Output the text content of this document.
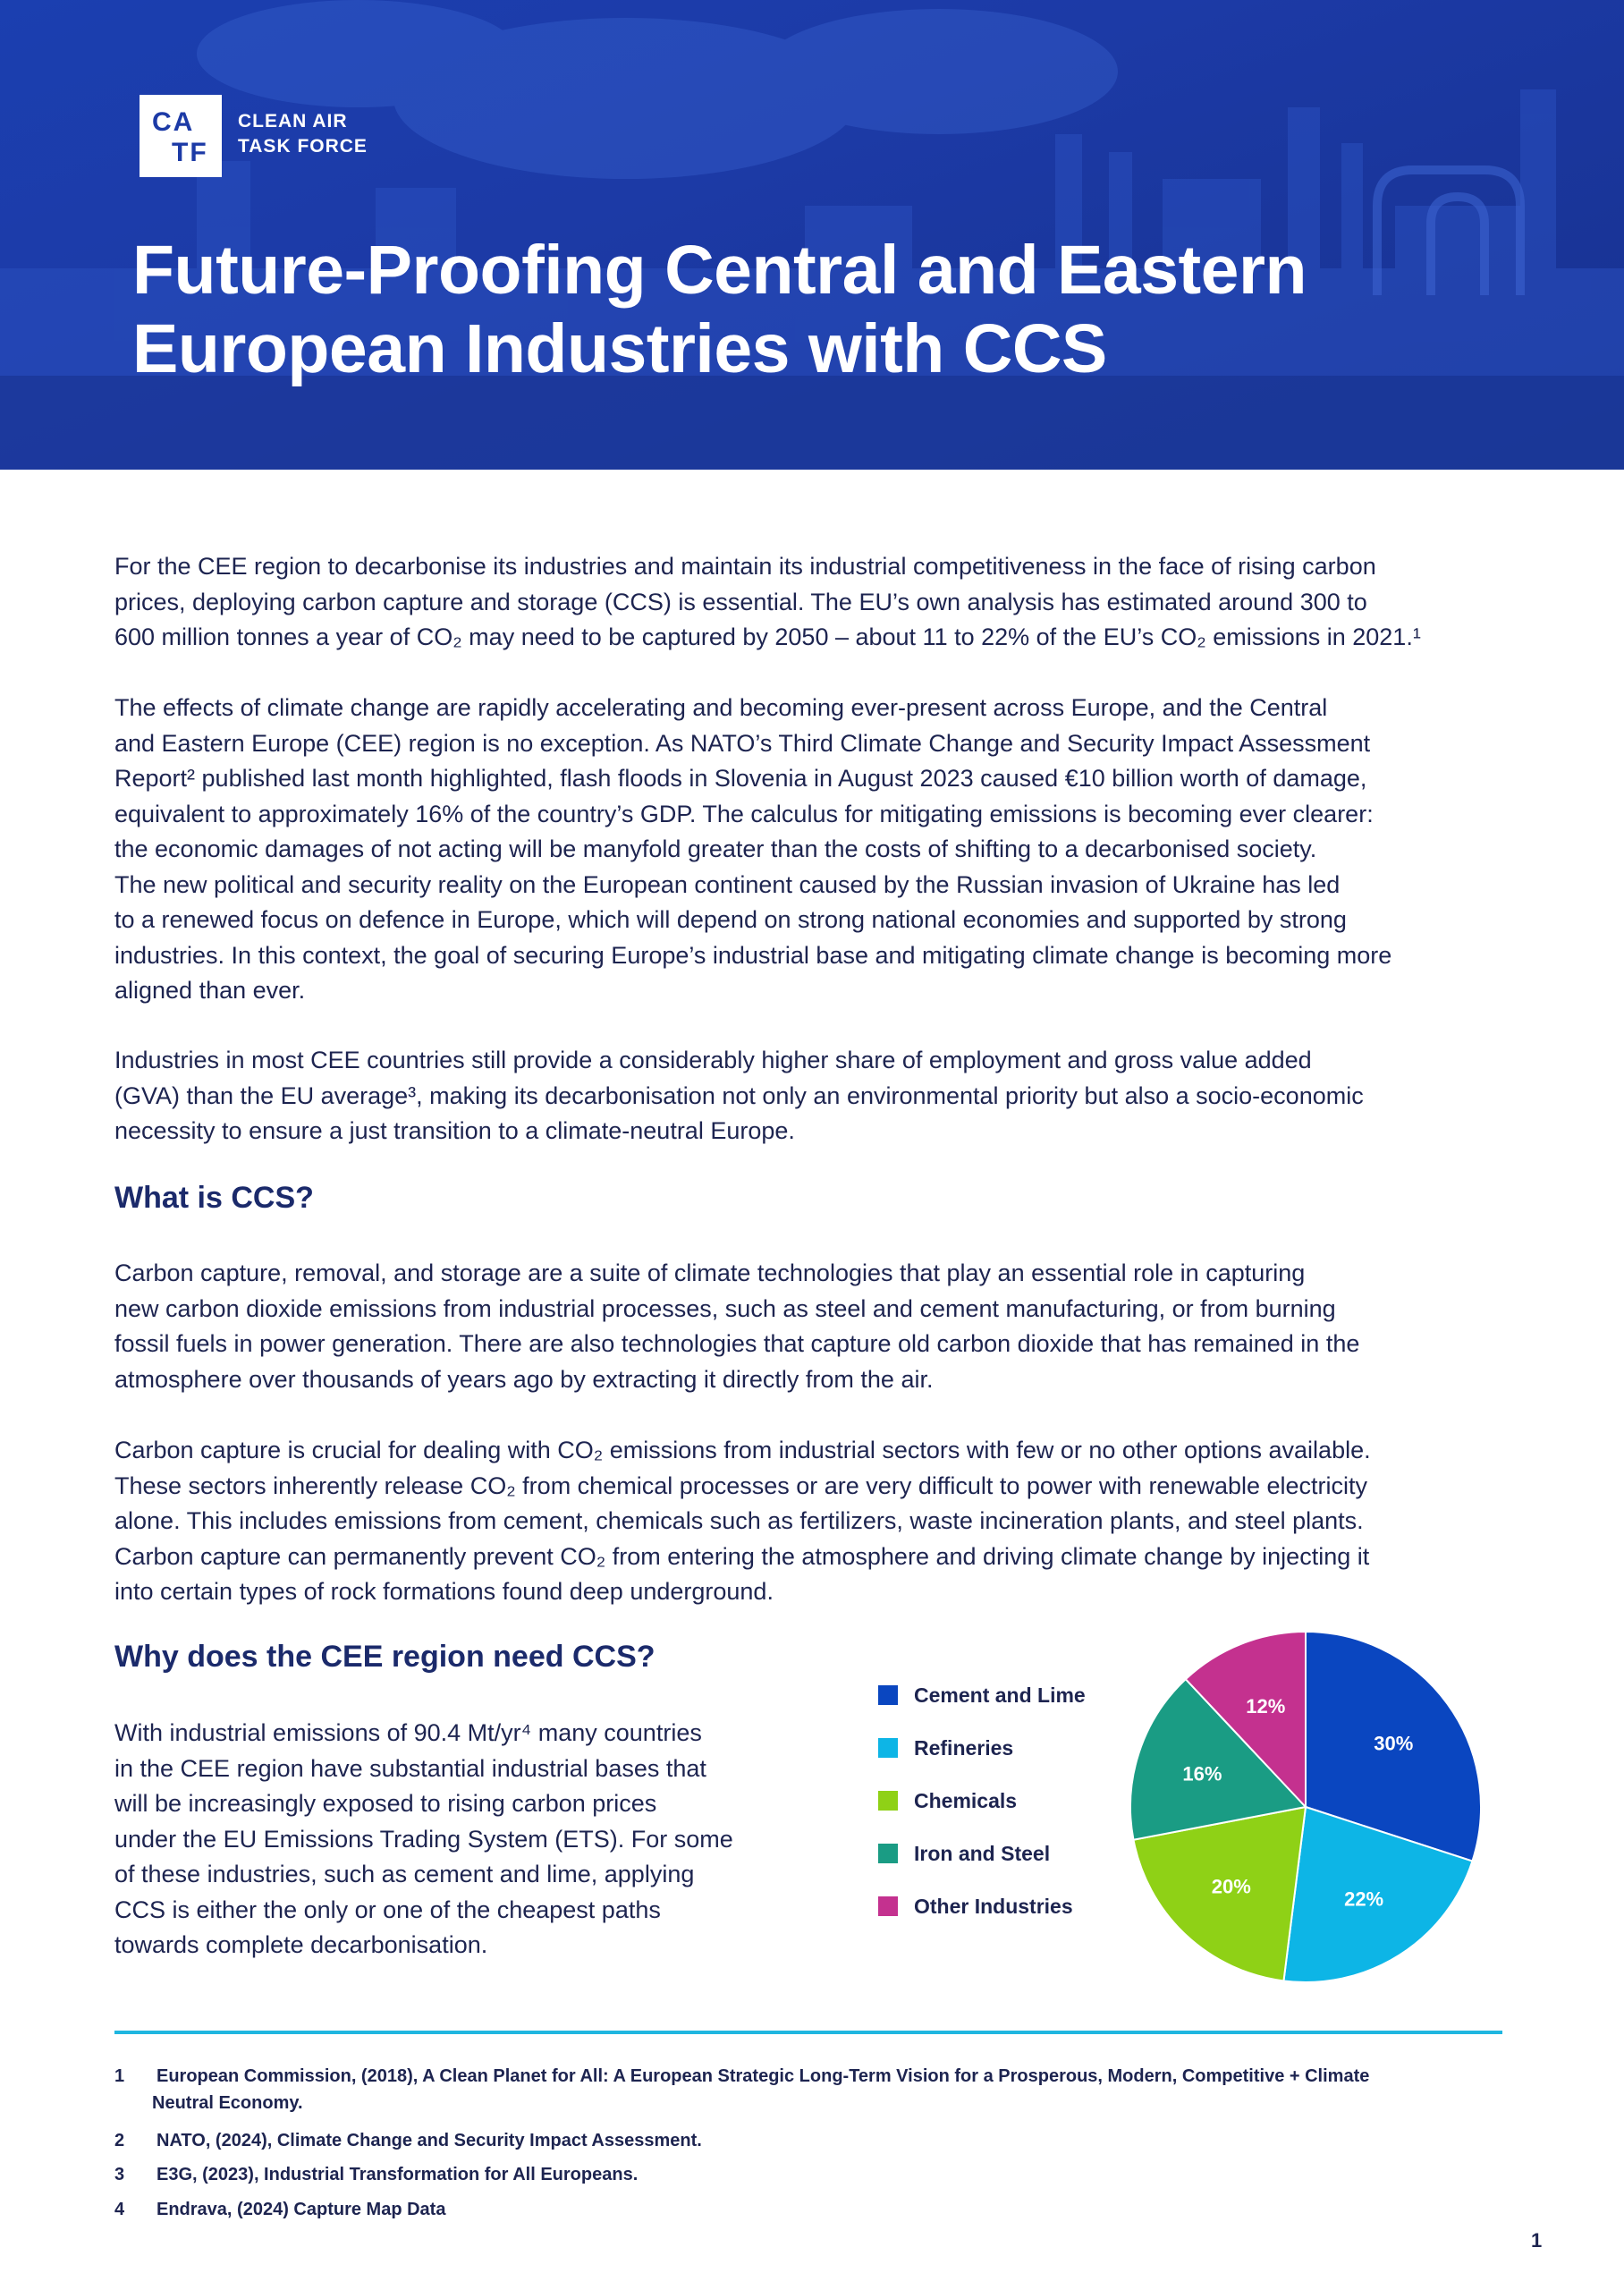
CA
TF
CLEAN AIR
TASK FORCE
Future-Proofing Central and Eastern
European Industries with CCS

For the CEE region to decarbonise its industries and maintain its industrial competitiveness in the face of rising carbon
prices, deploying carbon capture and storage (CCS) is essential. The EU’s own analysis has estimated around 300 to
600 million tonnes a year of CO₂ may need to be captured by 2050 – about 11 to 22% of the EU’s CO₂ emissions in 2021.¹

The effects of climate change are rapidly accelerating and becoming ever-present across Europe, and the Central
and Eastern Europe (CEE) region is no exception. As NATO’s Third Climate Change and Security Impact Assessment
Report² published last month highlighted, flash floods in Slovenia in August 2023 caused €10 billion worth of damage,
equivalent to approximately 16% of the country’s GDP. The calculus for mitigating emissions is becoming ever clearer:
the economic damages of not acting will be manyfold greater than the costs of shifting to a decarbonised society.
The new political and security reality on the European continent caused by the Russian invasion of Ukraine has led
to a renewed focus on defence in Europe, which will depend on strong national economies and supported by strong
industries. In this context, the goal of securing Europe’s industrial base and mitigating climate change is becoming more
aligned than ever.

Industries in most CEE countries still provide a considerably higher share of employment and gross value added
(GVA) than the EU average³, making its decarbonisation not only an environmental priority but also a socio-economic
necessity to ensure a just transition to a climate-neutral Europe.

What is CCS?

Carbon capture, removal, and storage are a suite of climate technologies that play an essential role in capturing
new carbon dioxide emissions from industrial processes, such as steel and cement manufacturing, or from burning
fossil fuels in power generation. There are also technologies that capture old carbon dioxide that has remained in the
atmosphere over thousands of years ago by extracting it directly from the air.

Carbon capture is crucial for dealing with CO₂ emissions from industrial sectors with few or no other options available.
These sectors inherently release CO₂ from chemical processes or are very difficult to power with renewable electricity
alone. This includes emissions from cement, chemicals such as fertilizers, waste incineration plants, and steel plants.
Carbon capture can permanently prevent CO₂ from entering the atmosphere and driving climate change by injecting it
into certain types of rock formations found deep underground.

Why does the CEE region need CCS?

With industrial emissions of 90.4 Mt/yr⁴ many countries
in the CEE region have substantial industrial bases that
will be increasingly exposed to rising carbon prices
under the EU Emissions Trading System (ETS). For some
of these industries, such as cement and lime, applying
CCS is either the only or one of the cheapest paths
towards complete decarbonisation.

Cement and Lime
Refineries
Chemicals
Iron and Steel
Other Industries
30%
22%
20%
16%
12%
1 European Commission, (2018), A Clean Planet for All: A European Strategic Long-Term Vision for a Prosperous, Modern, Competitive + Climate
Neutral Economy.
2 NATO, (2024), Climate Change and Security Impact Assessment.
3 E3G, (2023), Industrial Transformation for All Europeans.
4 Endrava, (2024) Capture Map Data
1
